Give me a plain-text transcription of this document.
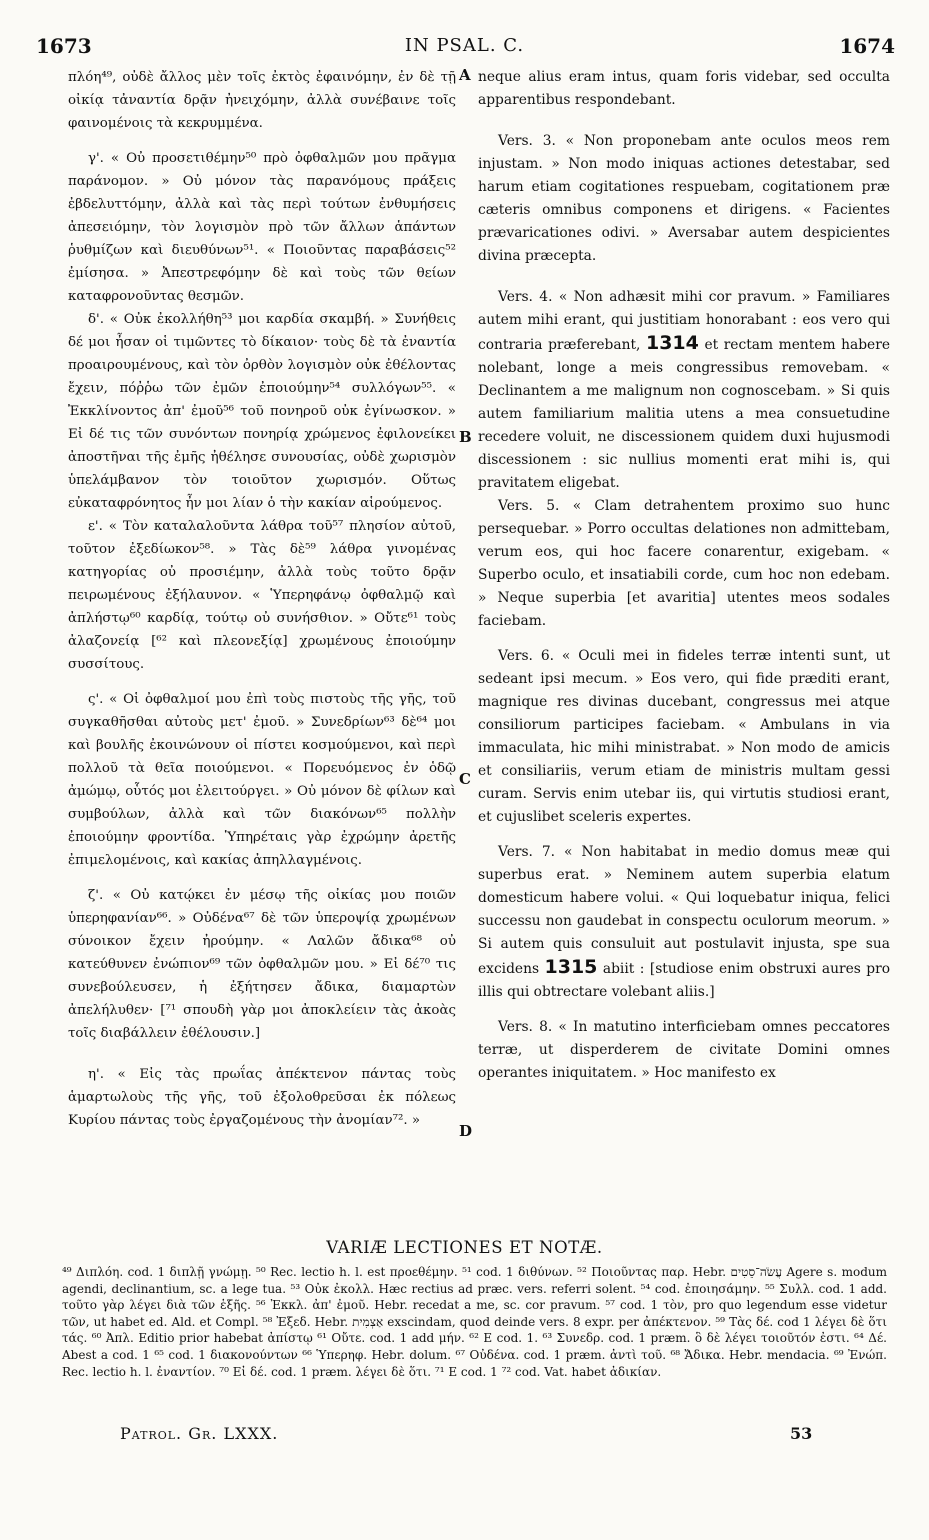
1673	IN PSAL. C.	1674
A
B
C
D

πλόη⁴⁹, οὐδὲ ἄλλος μὲν τοῖς ἐκτὸς ἐφαινόμην, ἐν δὲ τῇ οἰκίᾳ τἀναντία δρᾷν ἠνειχόμην, ἀλλὰ συνέβαινε τοῖς φαινομένοις τὰ κεκρυμμένα.

γ'. « Οὐ προσετιθέμην⁵⁰ πρὸ ὀφθαλμῶν μου πρᾶγμα παράνομον. » Οὐ μόνον τὰς παρανόμους πράξεις ἐβδελυττόμην, ἀλλὰ καὶ τὰς περὶ τούτων ἐνθυμήσεις ἀπεσειόμην, τὸν λογισμὸν πρὸ τῶν ἄλλων ἁπάντων ῥυθμίζων καὶ διευθύνων⁵¹. « Ποιοῦντας παραβάσεις⁵² ἐμίσησα. » Ἀπεστρεφόμην δὲ καὶ τοὺς τῶν θείων καταφρονοῦντας θεσμῶν.

δ'. « Οὐκ ἐκολλήθη⁵³ μοι καρδία σκαμβή. » Συνήθεις δέ μοι ἦσαν οἱ τιμῶντες τὸ δίκαιον· τοὺς δὲ τὰ ἐναντία προαιρουμένους, καὶ τὸν ὀρθὸν λογισμὸν οὐκ ἐθέλοντας ἔχειν, πόῤῥω τῶν ἐμῶν ἐποιούμην⁵⁴ συλλόγων⁵⁵. « Ἐκκλίνοντος ἀπ' ἐμοῦ⁵⁶ τοῦ πονηροῦ οὐκ ἐγίνωσκον. » Εἰ δέ τις τῶν συνόντων πονηρίᾳ χρώμενος ἐφιλονείκει ἀποστῆναι τῆς ἐμῆς ἠθέλησε συνουσίας, οὐδὲ χωρισμὸν ὑπελάμβανον τὸν τοιοῦτον χωρισμόν. Οὕτως εὐκαταφρόνητος ἦν μοι λίαν ὁ τὴν κακίαν αἱρούμενος.

ε'. « Τὸν καταλαλοῦντα λάθρα τοῦ⁵⁷ πλησίον αὐτοῦ, τοῦτον ἐξεδίωκον⁵⁸. » Τὰς δὲ⁵⁹ λάθρα γινομένας κατηγορίας οὐ προσιέμην, ἀλλὰ τοὺς τοῦτο δρᾷν πειρωμένους ἐξήλαυνον. « Ὑπερηφάνῳ ὀφθαλμῷ καὶ ἀπλήστῳ⁶⁰ καρδίᾳ, τούτῳ οὐ συνήσθιον. » Οὔτε⁶¹ τοὺς ἀλαζονείᾳ [⁶² καὶ πλεονεξίᾳ] χρωμένους ἐποιούμην συσσίτους.

ς'. « Οἱ ὀφθαλμοί μου ἐπὶ τοὺς πιστοὺς τῆς γῆς, τοῦ συγκαθῆσθαι αὐτοὺς μετ' ἐμοῦ. » Συνεδρίων⁶³ δὲ⁶⁴ μοι καὶ βουλῆς ἐκοινώνουν οἱ πίστει κοσμούμενοι, καὶ περὶ πολλοῦ τὰ θεῖα ποιούμενοι. « Πορευόμενος ἐν ὁδῷ ἀμώμῳ, οὗτός μοι ἐλειτούργει. » Οὐ μόνον δὲ φίλων καὶ συμβούλων, ἀλλὰ καὶ τῶν διακόνων⁶⁵ πολλὴν ἐποιούμην φροντίδα. Ὑπηρέταις γὰρ ἐχρώμην ἀρετῆς ἐπιμελομένοις, καὶ κακίας ἀπηλλαγμένοις.

ζ'. « Οὐ κατῴκει ἐν μέσῳ τῆς οἰκίας μου ποιῶν ὑπερηφανίαν⁶⁶. » Οὐδένα⁶⁷ δὲ τῶν ὑπεροψίᾳ χρωμένων σύνοικον ἔχειν ἠρούμην. « Λαλῶν ἄδικα⁶⁸ οὐ κατεύθυνεν ἐνώπιον⁶⁹ τῶν ὀφθαλμῶν μου. » Εἰ δέ⁷⁰ τις συνεβούλευσεν, ἡ ἐξήτησεν ἄδικα, διαμαρτὼν ἀπελήλυθεν· [⁷¹ σπουδὴ γὰρ μοι ἀποκλείειν τὰς ἀκοὰς τοῖς διαβάλλειν ἐθέλουσιν.]

η'. « Εἰς τὰς πρωΐας ἀπέκτενον πάντας τοὺς ἁμαρτωλοὺς τῆς γῆς, τοῦ ἐξολοθρεῦσαι ἐκ πόλεως Κυρίου πάντας τοὺς ἐργαζομένους τὴν ἀνομίαν⁷². »

neque alius eram intus, quam foris videbar, sed occulta apparentibus respondebant.

Vers. 3. « Non proponebam ante oculos meos rem injustam. » Non modo iniquas actiones detestabar, sed harum etiam cogitationes respuebam, cogitationem præ cæteris omnibus componens et dirigens. « Facientes prævaricationes odivi. » Aversabar autem despicientes divina præcepta.

Vers. 4. « Non adhæsit mihi cor pravum. » Familiares autem mihi erant, qui justitiam honorabant : eos vero qui contraria præferebant, 1314 et rectam mentem habere nolebant, longe a meis congressibus removebam. « Declinantem a me malignum non cognoscebam. » Si quis autem familiarium malitia utens a mea consuetudine recedere voluit, ne discessionem quidem duxi hujusmodi discessionem : sic nullius momenti erat mihi is, qui pravitatem eligebat.

Vers. 5. « Clam detrahentem proximo suo hunc persequebar. » Porro occultas delationes non admittebam, verum eos, qui hoc facere conarentur, exigebam. « Superbo oculo, et insatiabili corde, cum hoc non edebam. » Neque superbia [et avaritia] utentes meos sodales faciebam.

Vers. 6. « Oculi mei in fideles terræ intenti sunt, ut sedeant ipsi mecum. » Eos vero, qui fide præditi erant, magnique res divinas ducebant, congressus mei atque consiliorum participes faciebam. « Ambulans in via immaculata, hic mihi ministrabat. » Non modo de amicis et consiliariis, verum etiam de ministris multam gessi curam. Servis enim utebar iis, qui virtutis studiosi erant, et cujuslibet sceleris expertes.

Vers. 7. « Non habitabat in medio domus meæ qui superbus erat. » Neminem autem superbia elatum domesticum habere volui. « Qui loquebatur iniqua, felici successu non gaudebat in conspectu oculorum meorum. » Si autem quis consuluit aut postulavit injusta, spe sua excidens 1315 abiit : [studiose enim obstruxi aures pro illis qui obtrectare volebant aliis.]

Vers. 8. « In matutino interficiebam omnes peccatores terræ, ut disperderem de civitate Domini omnes operantes iniquitatem. » Hoc manifesto ex

VARIÆ LECTIONES ET NOTÆ.

⁴⁹ Διπλόη. cod. 1 διπλῇ γνώμῃ. ⁵⁰ Rec. lectio h. l. est προεθέμην. ⁵¹ cod. 1 διθύνων. ⁵² Ποιοῦντας παρ. Hebr. עֲשֹׂה־סֵטִים Agere s. modum agendi, declinantium, sc. a lege tua. ⁵³ Οὐκ ἐκολλ. Hæc rectius ad præc. vers. referri solent. ⁵⁴ cod. ἐποιησάμην. ⁵⁵ Συλλ. cod. 1 add. τοῦτο γὰρ λέγει διὰ τῶν ἑξῆς. ⁵⁶ Ἐκκλ. ἀπ' ἐμοῦ. Hebr. recedat a me, sc. cor pravum. ⁵⁷ cod. 1 τὸν, pro quo legendum esse videtur τῶν, ut habet ed. Ald. et Compl. ⁵⁸ Ἐξεδ. Hebr. אַצְמִית exscindam, quod deinde vers. 8 expr. per ἀπέκτενον. ⁵⁹ Τὰς δέ. cod 1 λέγει δὲ ὅτι τάς. ⁶⁰ Ἀπλ. Editio prior habebat ἀπίστῳ ⁶¹ Οὔτε. cod. 1 add μήν. ⁶² E cod. 1. ⁶³ Συνεδρ. cod. 1 præm. ὃ δὲ λέγει τοιοῦτόν ἐστι. ⁶⁴ Δέ. Abest a cod. 1 ⁶⁵ cod. 1 διακονούντων ⁶⁶ Ὑπερηφ. Hebr. dolum. ⁶⁷ Οὐδένα. cod. 1 præm. ἀντὶ τοῦ. ⁶⁸ Ἄδικα. Hebr. mendacia. ⁶⁹ Ἐνώπ. Rec. lectio h. l. ἐναντίον. ⁷⁰ Εἰ δέ. cod. 1 præm. λέγει δὲ ὅτι. ⁷¹ E cod. 1 ⁷² cod. Vat. habet ἀδικίαν.

Patrol. Gr. LXXX.	53
